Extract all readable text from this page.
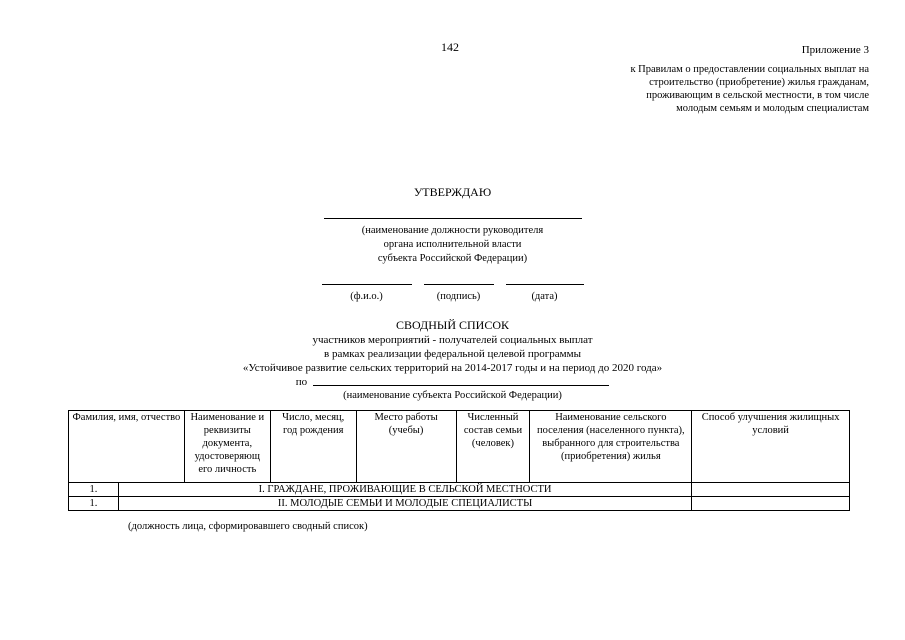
142	Приложение 3
к Правилам о предоставлении социальных выплат на
строительство (приобретение) жилья гражданам,
проживающим в сельской местности, в том числе
молодым семьям и молодым специалистам
УТВЕРЖДАЮ
(наименование должности руководителя
органа исполнительной власти
субъекта Российской Федерации)
(ф.и.о.)	(подпись)	(дата)
СВОДНЫЙ СПИСОК
участников мероприятий - получателей социальных выплат
в рамках реализации федеральной целевой программы
«Устойчивое развитие сельских территорий на 2014-2017 годы и на период до 2020 года»
по
(наименование субъекта Российской Федерации)
Фамилия, имя, отчество		Наименование и реквизиты документа, удостоверяющ его личность	Число, месяц, год рождения	Место работы (учебы)	Численный состав семьи (человек)	Наименование сельского поселения (населенного пункта), выбранного для строительства (приобретения) жилья	Способ улучшения жилищных условий
1.	I. ГРАЖДАНЕ, ПРОЖИВАЮЩИЕ В СЕЛЬСКОЙ МЕСТНОСТИ						
1.	II. МОЛОДЫЕ СЕМЬИ И МОЛОДЫЕ СПЕЦИАЛИСТЫ						
(должность лица, сформировавшего сводный список)
